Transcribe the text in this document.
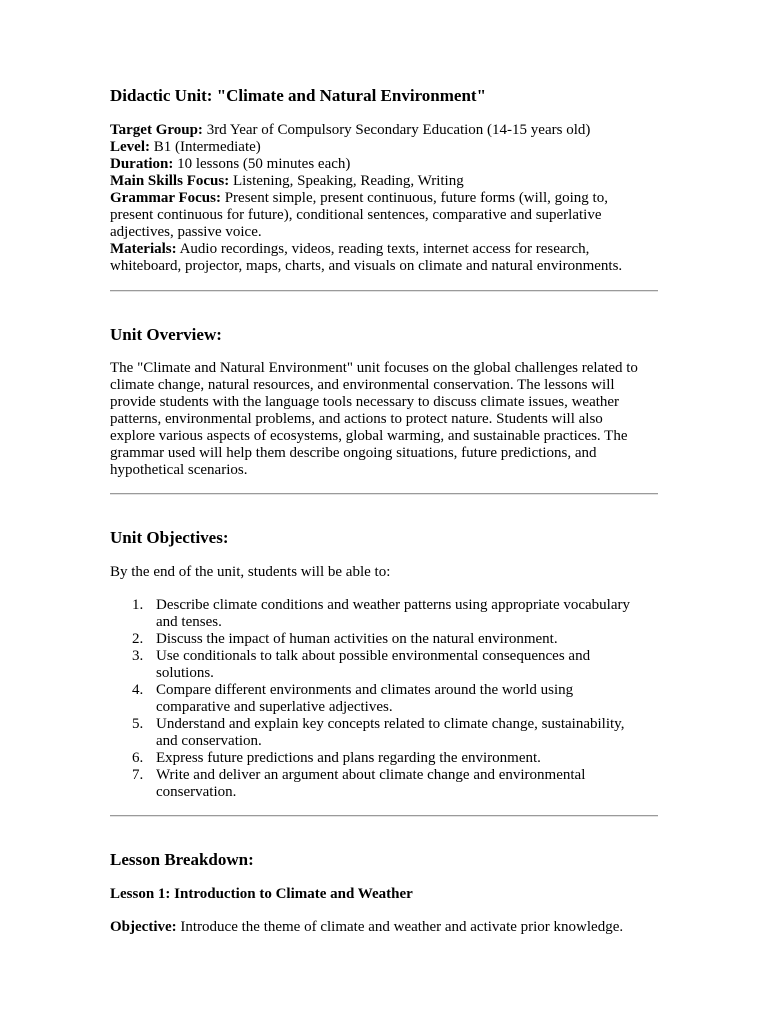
Didactic Unit: "Climate and Natural Environment"
Target Group: 3rd Year of Compulsory Secondary Education (14-15 years old)
Level: B1 (Intermediate)
Duration: 10 lessons (50 minutes each)
Main Skills Focus: Listening, Speaking, Reading, Writing
Grammar Focus: Present simple, present continuous, future forms (will, going to,
present continuous for future), conditional sentences, comparative and superlative
adjectives, passive voice.
Materials: Audio recordings, videos, reading texts, internet access for research,
whiteboard, projector, maps, charts, and visuals on climate and natural environments.
Unit Overview:
The "Climate and Natural Environment" unit focuses on the global challenges related to
climate change, natural resources, and environmental conservation. The lessons will
provide students with the language tools necessary to discuss climate issues, weather
patterns, environmental problems, and actions to protect nature. Students will also
explore various aspects of ecosystems, global warming, and sustainable practices. The
grammar used will help them describe ongoing situations, future predictions, and
hypothetical scenarios.
Unit Objectives:
By the end of the unit, students will be able to:
1. Describe climate conditions and weather patterns using appropriate vocabulary
and tenses.
2. Discuss the impact of human activities on the natural environment.
3. Use conditionals to talk about possible environmental consequences and
solutions.
4. Compare different environments and climates around the world using
comparative and superlative adjectives.
5. Understand and explain key concepts related to climate change, sustainability,
and conservation.
6. Express future predictions and plans regarding the environment.
7. Write and deliver an argument about climate change and environmental
conservation.
Lesson Breakdown:
Lesson 1: Introduction to Climate and Weather
Objective: Introduce the theme of climate and weather and activate prior knowledge.
